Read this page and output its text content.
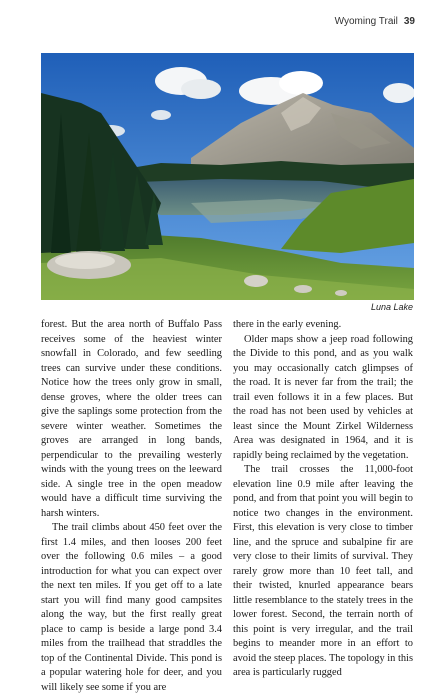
Wyoming Trail 39
Luna Lake

forest. But the area north of Buffalo Pass receives some of the heaviest winter snowfall in Colorado, and few seedling trees can survive under these conditions. Notice how the trees only grow in small, dense groves, where the older trees can give the saplings some protection from the severe winter weather. Sometimes the groves are arranged in long bands, perpendicular to the prevailing westerly winds with the young trees on the leeward side. A single tree in the open meadow would have a difficult time surviving the harsh winters.

The trail climbs about 450 feet over the first 1.4 miles, and then looses 200 feet over the following 0.6 miles – a good introduction for what you can expect over the next ten miles. If you get off to a late start you will find many good campsites along the way, but the first really great place to camp is beside a large pond 3.4 miles from the trailhead that straddles the top of the Continental Divide. This pond is a popular watering hole for deer, and you will likely see some if you are

there in the early evening.

Older maps show a jeep road following the Divide to this pond, and as you walk you may occasionally catch glimpses of the road. It is never far from the trail; the trail even follows it in a few places. But the road has not been used by vehicles at least since the Mount Zirkel Wilderness Area was designated in 1964, and it is rapidly being reclaimed by the vegetation.

The trail crosses the 11,000-foot elevation line 0.9 mile after leaving the pond, and from that point you will begin to notice two changes in the environment. First, this elevation is very close to timber line, and the spruce and subalpine fir are very close to their limits of survival. They rarely grow more than 10 feet tall, and their twisted, knurled appearance bears little resemblance to the stately trees in the lower forest. Second, the terrain north of this point is very irregular, and the trail begins to meander more in an effort to avoid the steep places. The topology in this area is particularly rugged
